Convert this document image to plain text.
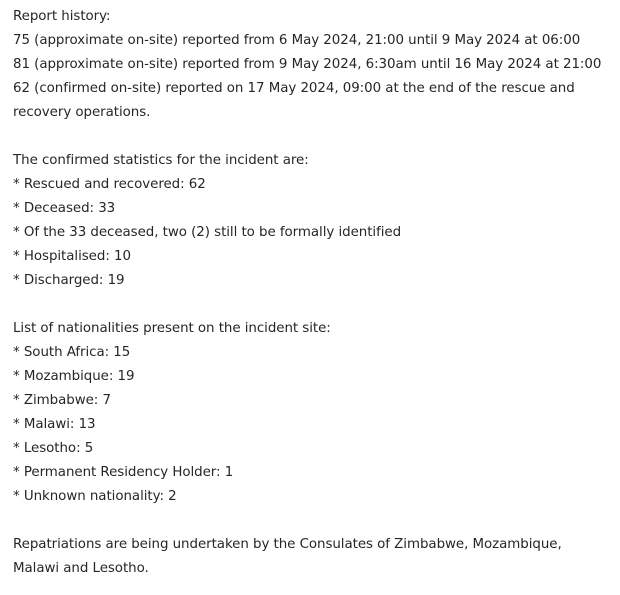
Report history:
75 (approximate on-site) reported from 6 May 2024, 21:00 until 9 May 2024 at 06:00
81 (approximate on-site) reported from 9 May 2024, 6:30am until 16 May 2024 at 21:00
62 (confirmed on-site) reported on 17 May 2024, 09:00 at the end of the rescue and recovery operations.
The confirmed statistics for the incident are:
* Rescued and recovered: 62
* Deceased: 33
* Of the 33 deceased, two (2) still to be formally identified
* Hospitalised: 10
* Discharged: 19
List of nationalities present on the incident site:
* South Africa: 15
* Mozambique: 19
* Zimbabwe: 7
* Malawi: 13
* Lesotho: 5
* Permanent Residency Holder: 1
* Unknown nationality: 2
Repatriations are being undertaken by the Consulates of Zimbabwe, Mozambique, Malawi and Lesotho.
